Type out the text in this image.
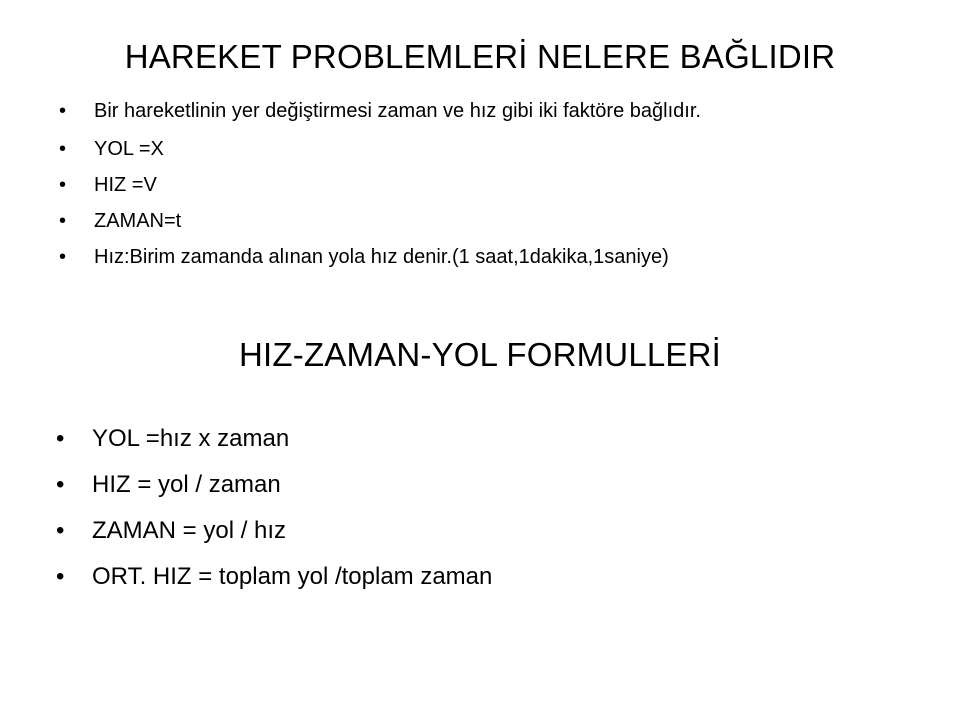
HAREKET PROBLEMLERİ NELERE BAĞLIDIR
• Bir hareketlinin yer değiştirmesi zaman ve hız gibi iki faktöre bağlıdır.
• YOL =X
• HIZ =V
• ZAMAN=t
• Hız:Birim zamanda alınan yola hız denir.(1 saat,1dakika,1saniye)
HIZ-ZAMAN-YOL FORMULLERİ
• YOL =hız x zaman
• HIZ = yol / zaman
• ZAMAN = yol / hız
• ORT. HIZ = toplam yol /toplam zaman
